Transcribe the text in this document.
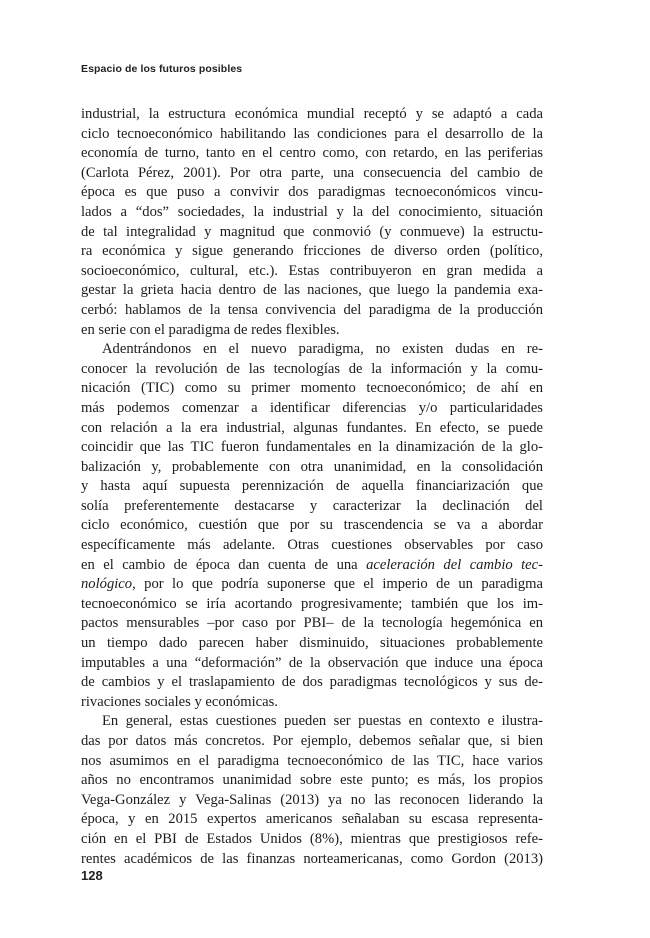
Espacio de los futuros posibles
industrial, la estructura económica mundial receptó y se adaptó a cada
ciclo tecnoeconómico habilitando las condiciones para el desarrollo de la
economía de turno, tanto en el centro como, con retardo, en las periferias
(Carlota Pérez, 2001). Por otra parte, una consecuencia del cambio de
época es que puso a convivir dos paradigmas tecnoeconómicos vincu-
lados a “dos” sociedades, la industrial y la del conocimiento, situación
de tal integralidad y magnitud que conmovió (y conmueve) la estructu-
ra económica y sigue generando fricciones de diverso orden (político,
socioeconómico, cultural, etc.). Estas contribuyeron en gran medida a
gestar la grieta hacia dentro de las naciones, que luego la pandemia exa-
cerbó: hablamos de la tensa convivencia del paradigma de la producción
en serie con el paradigma de redes flexibles.
Adentrándonos en el nuevo paradigma, no existen dudas en re-
conocer la revolución de las tecnologías de la información y la comu-
nicación (TIC) como su primer momento tecnoeconómico; de ahí en
más podemos comenzar a identificar diferencias y/o particularidades
con relación a la era industrial, algunas fundantes. En efecto, se puede
coincidir que las TIC fueron fundamentales en la dinamización de la glo-
balización y, probablemente con otra unanimidad, en la consolidación
y hasta aquí supuesta perennización de aquella financiarización que
solía preferentemente destacarse y caracterizar la declinación del
ciclo económico, cuestión que por su trascendencia se va a abordar
específicamente más adelante. Otras cuestiones observables por caso
en el cambio de época dan cuenta de una aceleración del cambio tec-
nológico, por lo que podría suponerse que el imperio de un paradigma
tecnoeconómico se iría acortando progresivamente; también que los im-
pactos mensurables –por caso por PBI– de la tecnología hegemónica en
un tiempo dado parecen haber disminuido, situaciones probablemente
imputables a una “deformación” de la observación que induce una época
de cambios y el traslapamiento de dos paradigmas tecnológicos y sus de-
rivaciones sociales y económicas.
En general, estas cuestiones pueden ser puestas en contexto e ilustra-
das por datos más concretos. Por ejemplo, debemos señalar que, si bien
nos asumimos en el paradigma tecnoeconómico de las TIC, hace varios
años no encontramos unanimidad sobre este punto; es más, los propios
Vega-González y Vega-Salinas (2013) ya no las reconocen liderando la
época, y en 2015 expertos americanos señalaban su escasa representa-
ción en el PBI de Estados Unidos (8%), mientras que prestigiosos refe-
rentes académicos de las finanzas norteamericanas, como Gordon (2013)
128
